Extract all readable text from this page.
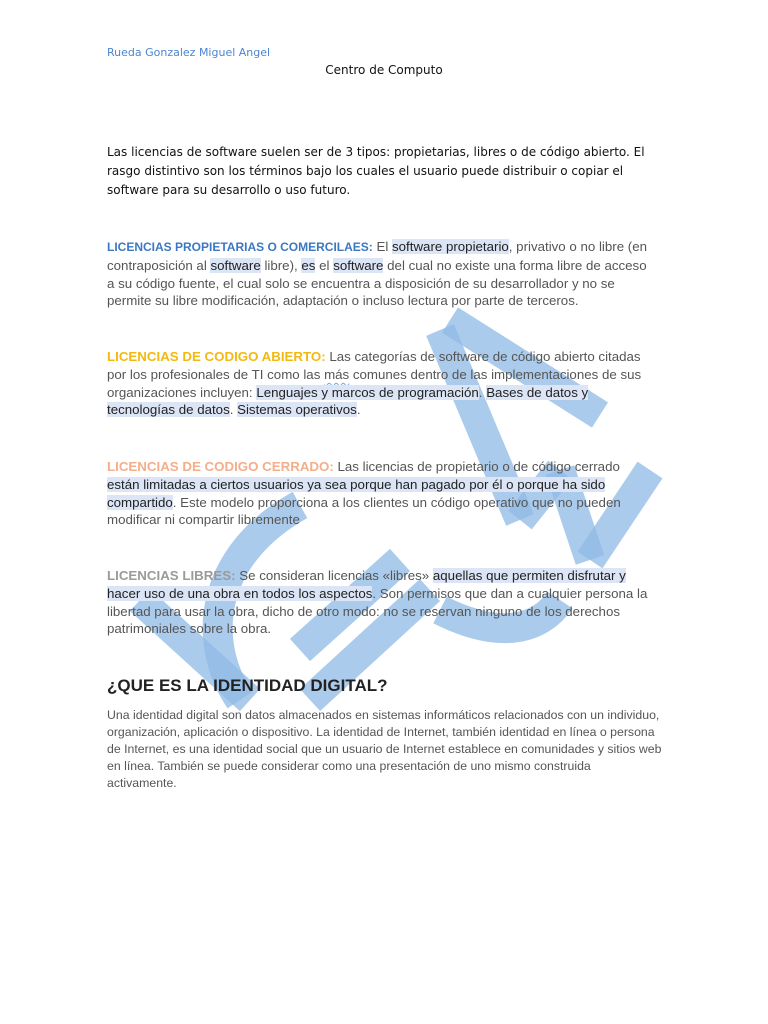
Rueda Gonzalez Miguel Angel

Centro de Computo

Las licencias de software suelen ser de 3 tipos: propietarias, libres o de código abierto. El rasgo distintivo son los términos bajo los cuales el usuario puede distribuir o copiar el software para su desarrollo o uso futuro.

LICENCIAS PROPIETARIAS O COMERCILAES: El software propietario, privativo o no libre (en contraposición al software libre), es el software del cual no existe una forma libre de acceso a su código fuente, el cual solo se encuentra a disposición de su desarrollador y no se permite su libre modificación, adaptación o incluso lectura por parte de terceros.

LICENCIAS DE CODIGO ABIERTO: Las categorías de software de código abierto citadas por los profesionales de TI como las más comunes dentro de las implementaciones de sus organizaciones incluyen: Lenguajes y marcos de programación. Bases de datos y tecnologías de datos. Sistemas operativos.

LICENCIAS DE CODIGO CERRADO: Las licencias de propietario o de código cerrado están limitadas a ciertos usuarios ya sea porque han pagado por él o porque ha sido compartido. Este modelo proporciona a los clientes un código operativo que no pueden modificar ni compartir libremente

LICENCIAS LIBRES: Se consideran licencias «libres» aquellas que permiten disfrutar y hacer uso de una obra en todos los aspectos. Son permisos que dan a cualquier persona la libertad para usar la obra, dicho de otro modo: no se reservan ninguno de los derechos patrimoniales sobre la obra.

¿QUE ES LA IDENTIDAD DIGITAL?

Una identidad digital son datos almacenados en sistemas informáticos relacionados con un individuo, organización, aplicación o dispositivo. La identidad de Internet, también identidad en línea o persona de Internet, es una identidad social que un usuario de Internet establece en comunidades y sitios web en línea. También se puede considerar como una presentación de uno mismo construida activamente.
